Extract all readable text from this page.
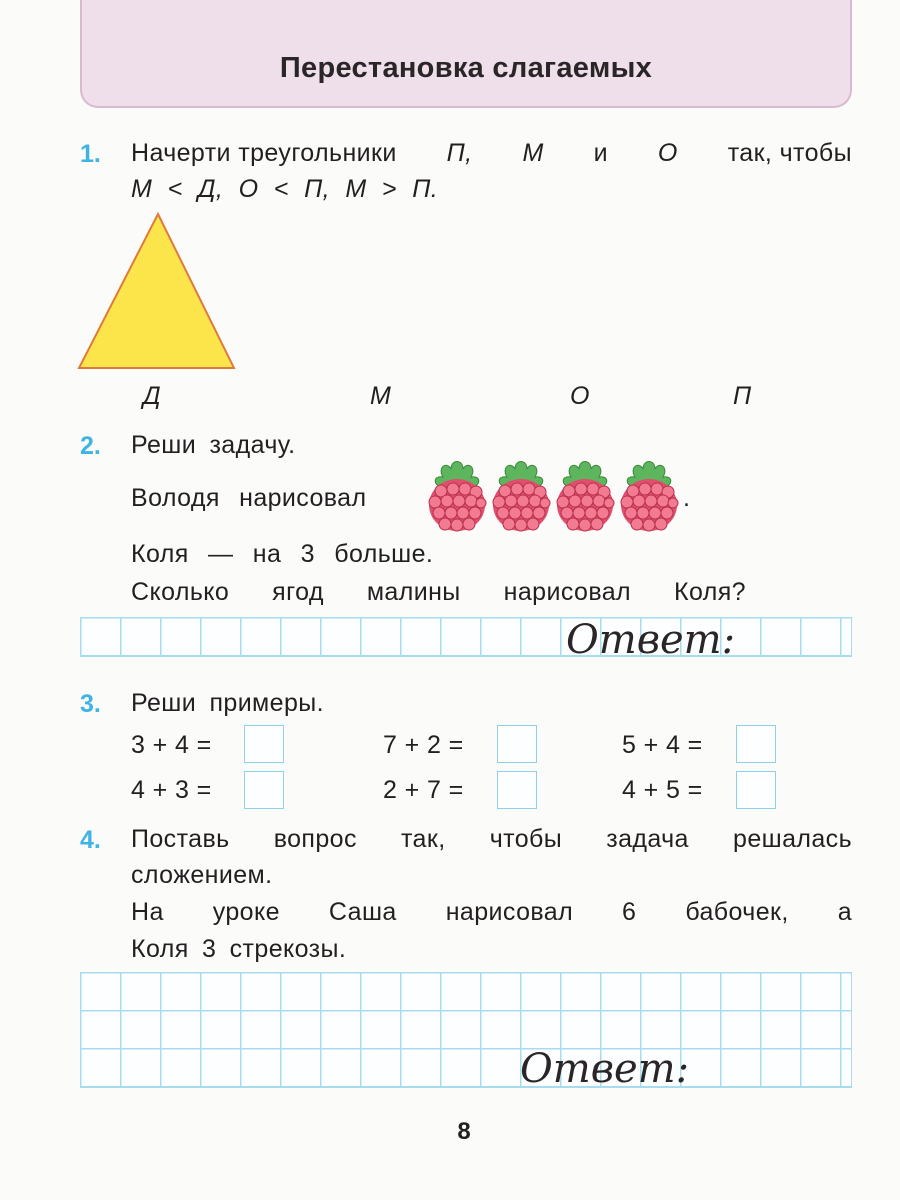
Перестановка слагаемых
1. Начерти треугольники П, М и О так, чтобы
М < Д, О < П, М > П.
Д	М	О	П
2. Реши задачу.
Володя нарисовал	.
Коля — на 3 больше.
Сколько ягод малины нарисовал Коля?
Ответ:
3. Реши примеры.
3 + 4 =	7 + 2 =	5 + 4 =
4 + 3 =	2 + 7 =	4 + 5 =
4. Поставь вопрос так, чтобы задача решалась
сложением.
На уроке Саша нарисовал 6 бабочек, а
Коля 3 стрекозы.
Ответ:
8
